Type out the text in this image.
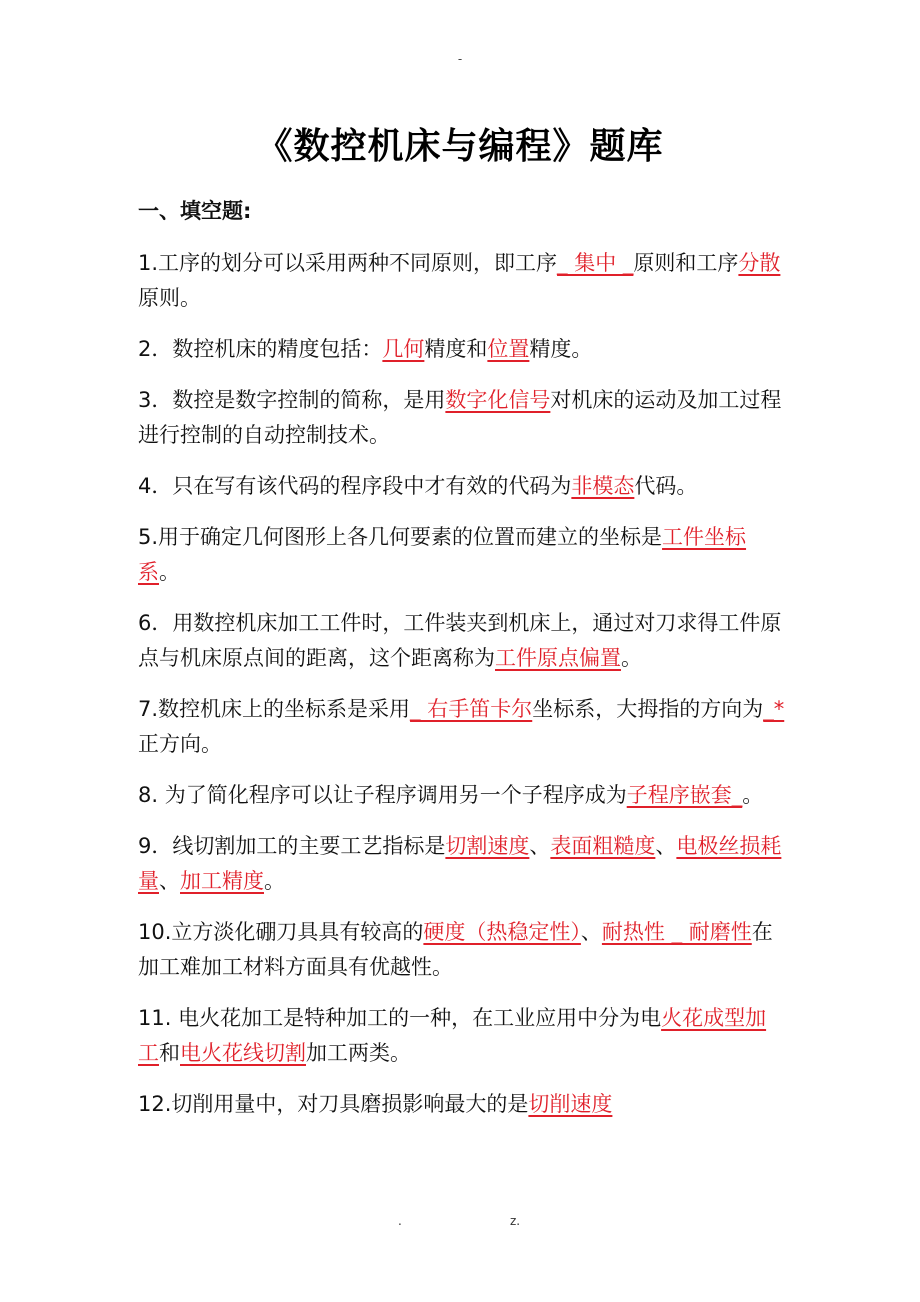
-
《数控机床与编程》题库
一、填空题:

1.工序的划分可以采用两种不同原则，即工序_ 集中 _原则和工序分散原则。

2．数控机床的精度包括：几何精度和位置精度。

3．数控是数字控制的简称，是用数字化信号对机床的运动及加工过程进行控制的自动控制技术。

4．只在写有该代码的程序段中才有效的代码为非模态代码。

5.用于确定几何图形上各几何要素的位置而建立的坐标是工件坐标系。

6．用数控机床加工工件时，工件装夹到机床上，通过对刀求得工件原点与机床原点间的距离，这个距离称为工件原点偏置。

7.数控机床上的坐标系是采用_ 右手笛卡尔坐标系，大拇指的方向为_*正方向。

8. 为了简化程序可以让子程序调用另一个子程序成为子程序嵌套_。

9．线切割加工的主要工艺指标是切割速度、表面粗糙度、电极丝损耗量、加工精度。

10.立方淡化硼刀具具有较高的硬度（热稳定性）、耐热性 _ 耐磨性在加工难加工材料方面具有优越性。

11. 电火花加工是特种加工的一种，在工业应用中分为电火花成型加工和电火花线切割加工两类。

12.切削用量中，对刀具磨损影响最大的是切削速度

.	z.
